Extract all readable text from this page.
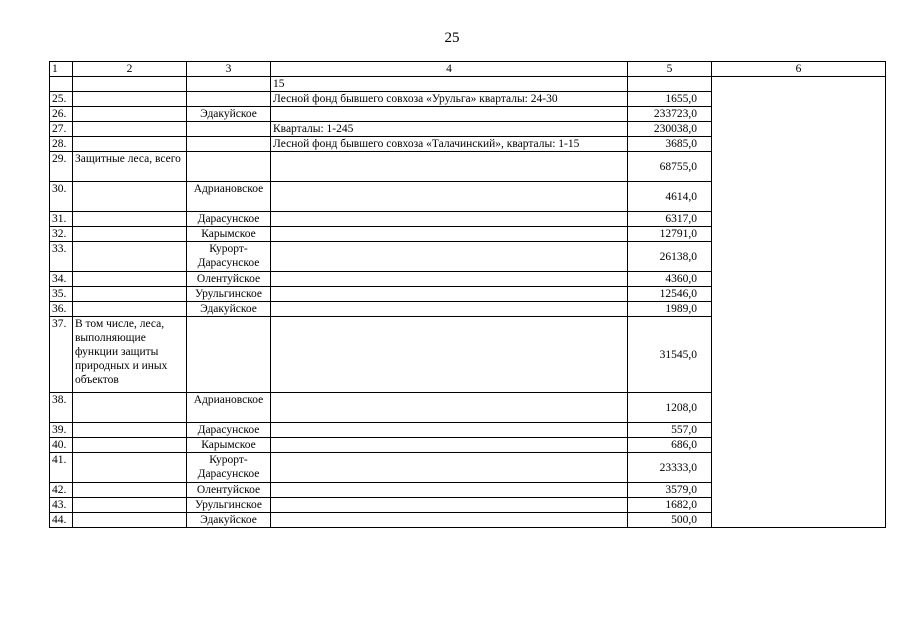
25
1	2	3	4	5	6
			15		
25.			Лесной фонд бывшего совхоза «Урульга» кварталы: 24-30	1655,0	
26.		Эдакуйское		233723,0	
27.			Кварталы: 1-245	230038,0	
28.			Лесной фонд бывшего совхоза «Талачинский», кварталы: 1-15	3685,0	
29.	Защитные леса, всего			68755,0	
30.		Адриановское		4614,0	
31.		Дарасунское		6317,0	
32.		Карымское		12791,0	
33.		Курорт-Дарасунское		26138,0	
34.		Олентуйское		4360,0	
35.		Урульгинское		12546,0	
36.		Эдакуйское		1989,0	
37.	В том числе, леса, выполняющие функции защиты природных и иных объектов			31545,0	
38.		Адриановское		1208,0	
39.		Дарасунское		557,0	
40.		Карымское		686,0	
41.		Курорт-Дарасунское		23333,0	
42.		Олентуйское		3579,0	
43.		Урульгинское		1682,0	
44.		Эдакуйское		500,0	
